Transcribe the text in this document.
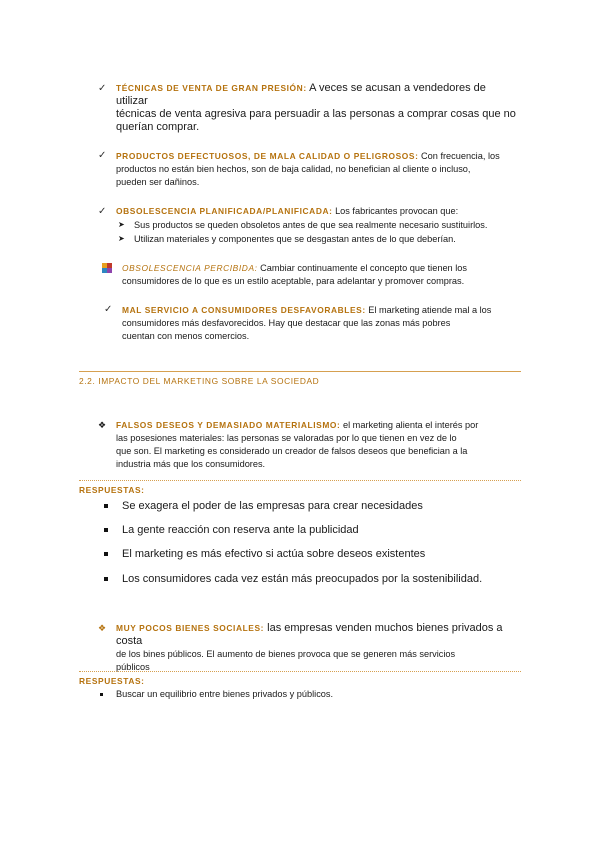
✓ TÉCNICAS DE VENTA DE GRAN PRESIÓN: A veces se acusan a vendedores de utilizar
técnicas de venta agresiva para persuadir a las personas a comprar cosas que no
querían comprar.
✓ PRODUCTOS DEFECTUOSOS, DE MALA CALIDAD O PELIGROSOS: Con frecuencia, los
productos no están bien hechos, son de baja calidad, no benefician al cliente o incluso,
pueden ser dañinos.
✓ OBSOLESCENCIA PLANIFICADA/PLANIFICADA: Los fabricantes provocan que:
➤ Sus productos se queden obsoletos antes de que sea realmente necesario sustituirlos.
➤ Utilizan materiales y componentes que se desgastan antes de lo que deberían.
OBSOLESCENCIA PERCIBIDA: Cambiar continuamente el concepto que tienen los
consumidores de lo que es un estilo aceptable, para adelantar y promover compras.
✓ MAL SERVICIO A CONSUMIDORES DESFAVORABLES: El marketing atiende mal a los
consumidores más desfavorecidos. Hay que destacar que las zonas más pobres
cuentan con menos comercios.
2.2. IMPACTO DEL MARKETING SOBRE LA SOCIEDAD
❖ FALSOS DESEOS Y DEMASIADO MATERIALISMO: el marketing alienta el interés por
las posesiones materiales: las personas se valoradas por lo que tienen en vez de lo
que son. El marketing es considerado un creador de falsos deseos que benefician a la
industria más que los consumidores.
RESPUESTAS:
Se exagera el poder de las empresas para crear necesidades
La gente reacción con reserva ante la publicidad
El marketing es más efectivo si actúa sobre deseos existentes
Los consumidores cada vez están más preocupados por la sostenibilidad.
❖ MUY POCOS BIENES SOCIALES: las empresas venden muchos bienes privados a costa
de los bines públicos. El aumento de bienes provoca que se generen más servicios
públicos
RESPUESTAS:
Buscar un equilibrio entre bienes privados y públicos.
